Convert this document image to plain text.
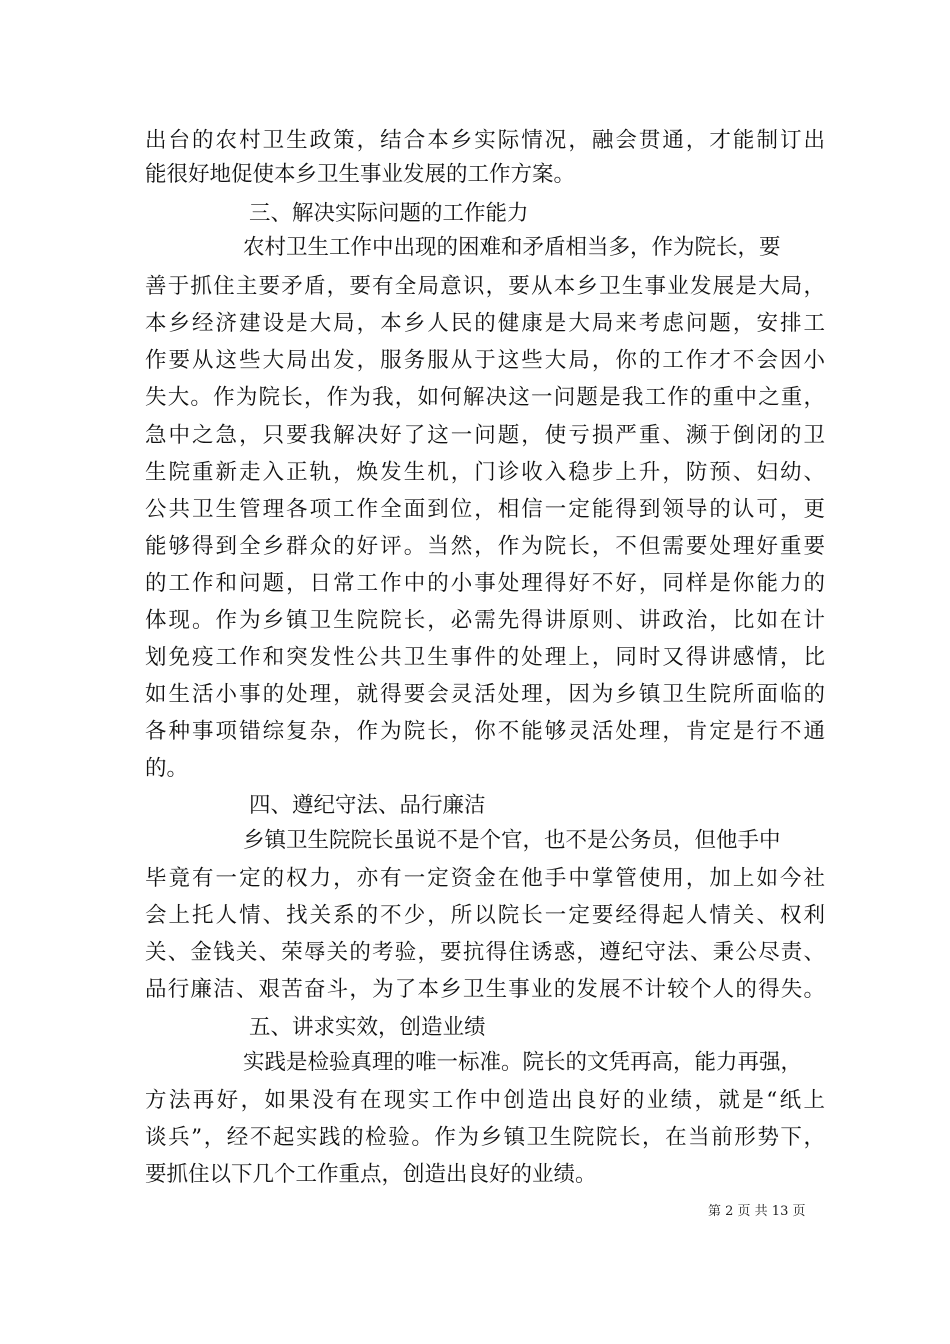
出台的农村卫生政策，结合本乡实际情况，融会贯通，才能制订出
能很好地促使本乡卫生事业发展的工作方案。
三、解决实际问题的工作能力
农村卫生工作中出现的困难和矛盾相当多，作为院长，要
善于抓住主要矛盾，要有全局意识，要从本乡卫生事业发展是大局，
本乡经济建设是大局，本乡人民的健康是大局来考虑问题，安排工
作要从这些大局出发，服务服从于这些大局，你的工作才不会因小
失大。作为院长，作为我，如何解决这一问题是我工作的重中之重，
急中之急，只要我解决好了这一问题，使亏损严重、濒于倒闭的卫
生院重新走入正轨，焕发生机，门诊收入稳步上升，防预、妇幼、
公共卫生管理各项工作全面到位，相信一定能得到领导的认可，更
能够得到全乡群众的好评。当然，作为院长，不但需要处理好重要
的工作和问题，日常工作中的小事处理得好不好，同样是你能力的
体现。作为乡镇卫生院院长，必需先得讲原则、讲政治，比如在计
划免疫工作和突发性公共卫生事件的处理上，同时又得讲感情，比
如生活小事的处理，就得要会灵活处理，因为乡镇卫生院所面临的
各种事项错综复杂，作为院长，你不能够灵活处理，肯定是行不通
的。
四、遵纪守法、品行廉洁
乡镇卫生院院长虽说不是个官，也不是公务员，但他手中
毕竟有一定的权力，亦有一定资金在他手中掌管使用，加上如今社
会上托人情、找关系的不少，所以院长一定要经得起人情关、权利
关、金钱关、荣辱关的考验，要抗得住诱惑，遵纪守法、秉公尽责、
品行廉洁、艰苦奋斗，为了本乡卫生事业的发展不计较个人的得失。
五、讲求实效，创造业绩
实践是检验真理的唯一标准。院长的文凭再高，能力再强，
方法再好，如果没有在现实工作中创造出良好的业绩，就是“纸上
谈兵”，经不起实践的检验。作为乡镇卫生院院长，在当前形势下，
要抓住以下几个工作重点，创造出良好的业绩。
第 2 页 共 13 页
